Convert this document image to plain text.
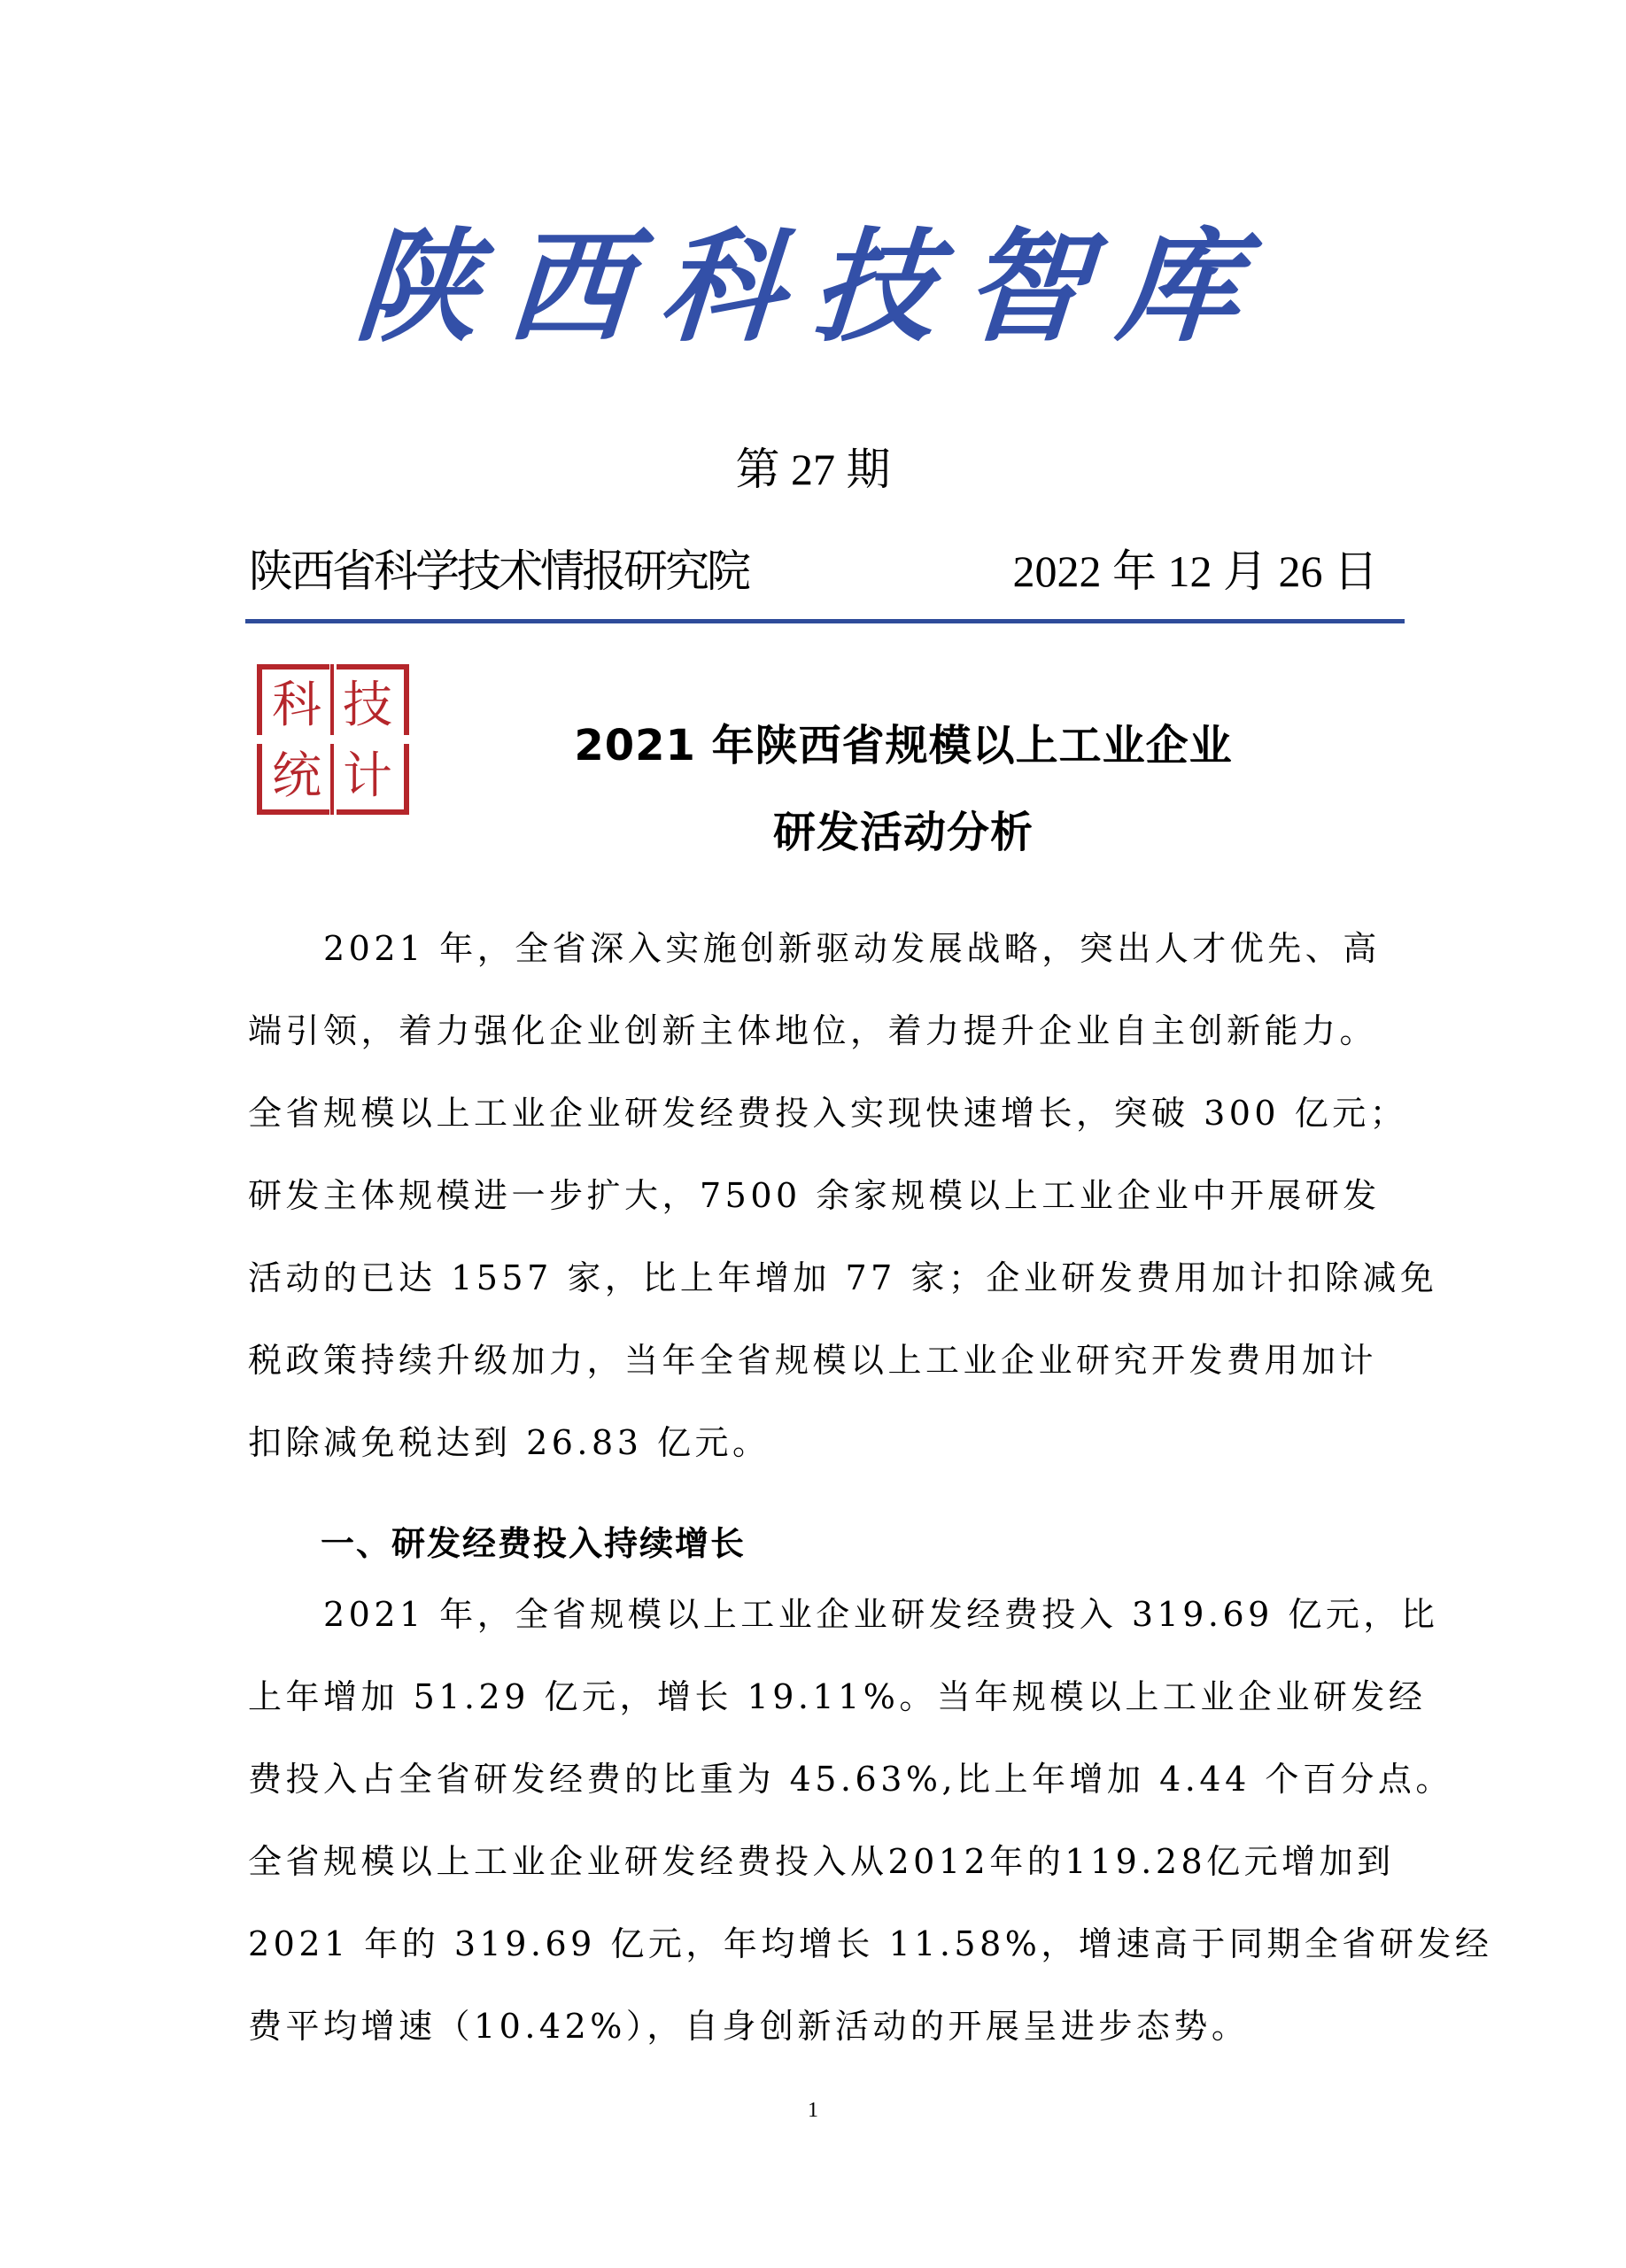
陕西科技智库
第 27 期
陕西省科学技术情报研究院	2022 年 12 月 26 日
科 技
统 计
2021 年陕西省规模以上工业企业
研发活动分析
　　2021 年，全省深入实施创新驱动发展战略，突出人才优先、高
端引领，着力强化企业创新主体地位，着力提升企业自主创新能力。
全省规模以上工业企业研发经费投入实现快速增长，突破 300 亿元；
研发主体规模进一步扩大，7500 余家规模以上工业企业中开展研发
活动的已达 1557 家，比上年增加 77 家；企业研发费用加计扣除减免
税政策持续升级加力，当年全省规模以上工业企业研究开发费用加计
扣除减免税达到 26.83 亿元。
一、研发经费投入持续增长
　　2021 年，全省规模以上工业企业研发经费投入 319.69 亿元，比
上年增加 51.29 亿元，增长 19.11%。当年规模以上工业企业研发经
费投入占全省研发经费的比重为 45.63%,比上年增加 4.44 个百分点。
全省规模以上工业企业研发经费投入从2012年的119.28亿元增加到
2021 年的 319.69 亿元，年均增长 11.58%，增速高于同期全省研发经
费平均增速（10.42%），自身创新活动的开展呈进步态势。
1
